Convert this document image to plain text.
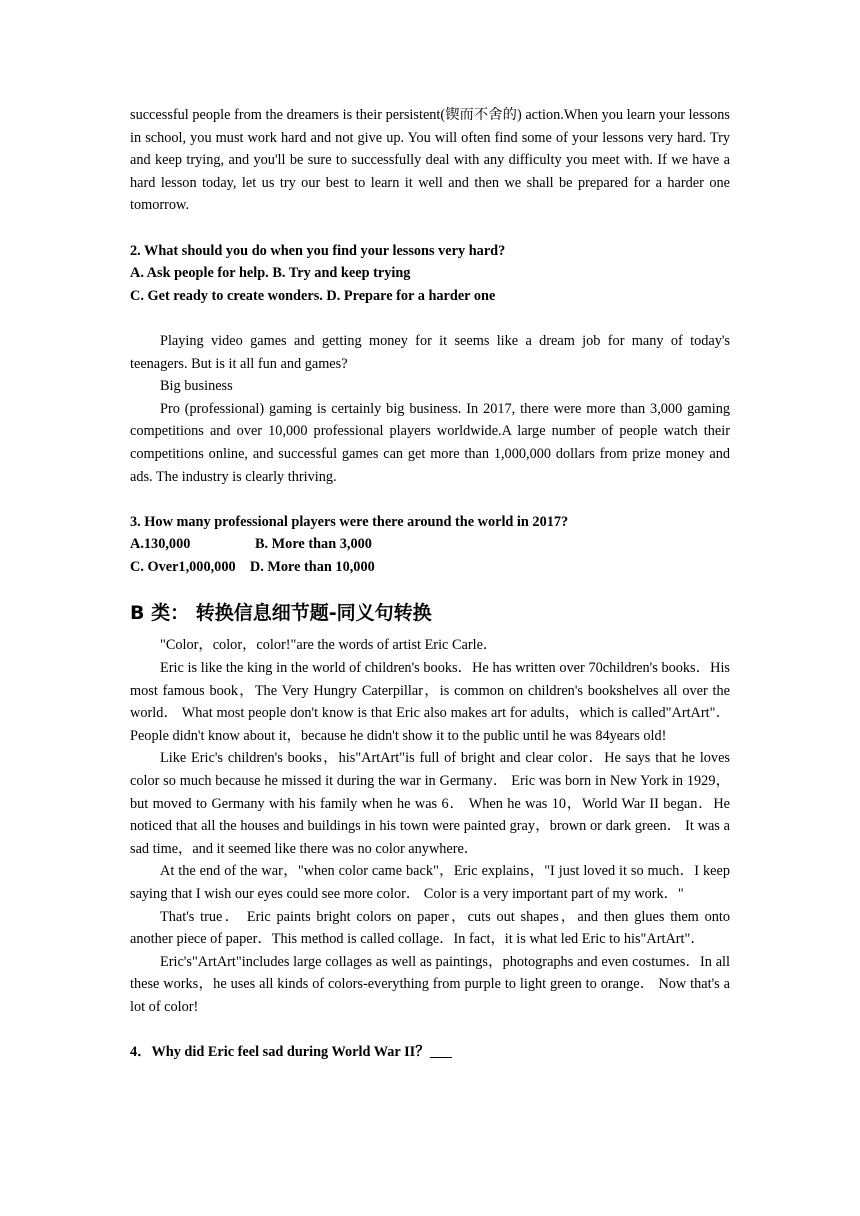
successful people from the dreamers is their persistent(锲而不舍的) action.When you learn your lessons in school, you must work hard and not give up. You will often find some of your lessons very hard. Try and keep trying, and you'll be sure to successfully deal with any difficulty you meet with. If we have a hard lesson today, let us try our best to learn it well and then we shall be prepared for a harder one tomorrow.

2. What should you do when you find your lessons very hard?

A. Ask people for help. B. Try and keep trying

C. Get ready to create wonders. D. Prepare for a harder one

Playing video games and getting money for it seems like a dream job for many of today's teenagers. But is it all fun and games?

Big business

Pro (professional) gaming is certainly big business. In 2017, there were more than 3,000 gaming competitions and over 10,000 professional players worldwide.A large number of people watch their competitions online, and successful games can get more than 1,000,000 dollars from prize money and ads. The industry is clearly thriving.

3. How many professional players were there around the world in 2017?

A.130,000	B. More than 3,000

C. Over1,000,000 D. More than 10,000

B 类： 转换信息细节题-同义句转换

"Color，color，color!"are the words of artist Eric Carle．

Eric is like the king in the world of children's books．He has written over 70children's books．His most famous book，The Very Hungry Caterpillar，is common on children's bookshelves all over the world． What most people don't know is that Eric also makes art for adults，which is called"ArtArt"．People didn't know about it，because he didn't show it to the public until he was 84years old!

Like Eric's children's books，his"ArtArt"is full of bright and clear color．He says that he loves color so much because he missed it during the war in Germany． Eric was born in New York in 1929，but moved to Germany with his family when he was 6． When he was 10，World War II began．He noticed that all the houses and buildings in his town were painted gray，brown or dark green． It was a sad time，and it seemed like there was no color anywhere．

At the end of the war，"when color came back"，Eric explains，"I just loved it so much．I keep saying that I wish our eyes could see more color． Color is a very important part of my work．"

That's true． Eric paints bright colors on paper，cuts out shapes，and then glues them onto another piece of paper．This method is called collage．In fact，it is what led Eric to his"ArtArt"．

Eric's"ArtArt"includes large collages as well as paintings，photographs and even costumes．In all these works，he uses all kinds of colors-everything from purple to light green to orange． Now that's a lot of color!

4．Why did Eric feel sad during World War II？
